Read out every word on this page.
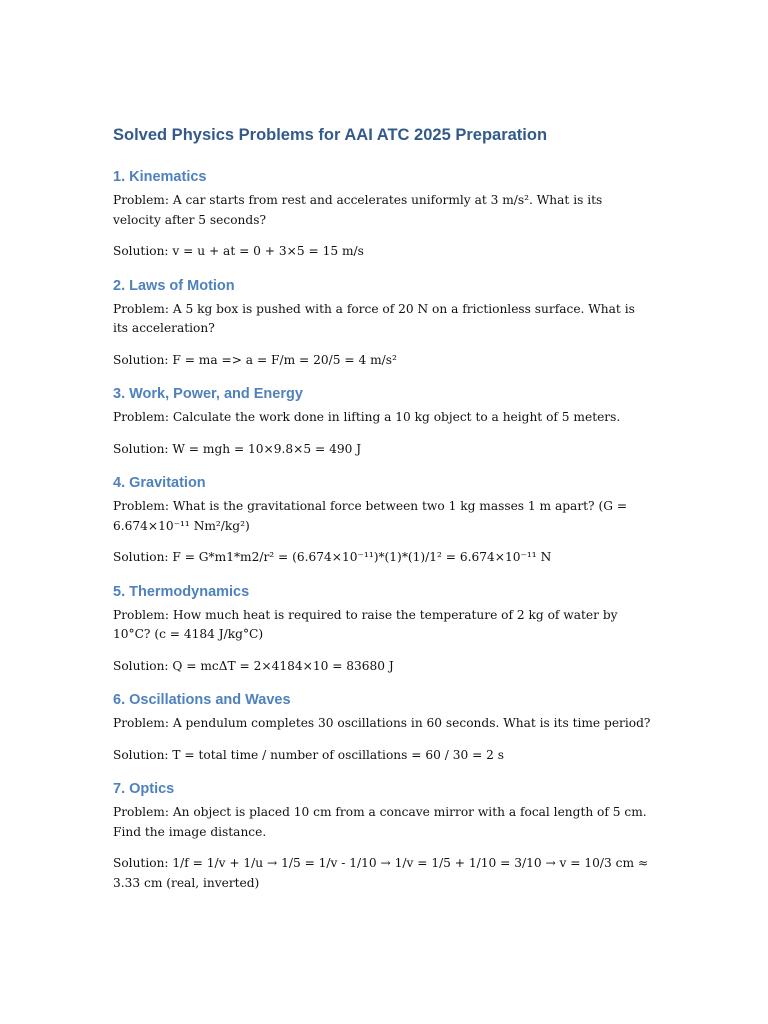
Solved Physics Problems for AAI ATC 2025 Preparation
1. Kinematics

Problem: A car starts from rest and accelerates uniformly at 3 m/s². What is its velocity after 5 seconds?

Solution: v = u + at = 0 + 3×5 = 15 m/s

2. Laws of Motion

Problem: A 5 kg box is pushed with a force of 20 N on a frictionless surface. What is its acceleration?

Solution: F = ma => a = F/m = 20/5 = 4 m/s²

3. Work, Power, and Energy

Problem: Calculate the work done in lifting a 10 kg object to a height of 5 meters.

Solution: W = mgh = 10×9.8×5 = 490 J

4. Gravitation

Problem: What is the gravitational force between two 1 kg masses 1 m apart? (G = 6.674×10⁻¹¹ Nm²/kg²)

Solution: F = G*m1*m2/r² = (6.674×10⁻¹¹)*(1)*(1)/1² = 6.674×10⁻¹¹ N

5. Thermodynamics

Problem: How much heat is required to raise the temperature of 2 kg of water by 10°C? (c = 4184 J/kg°C)

Solution: Q = mcΔT = 2×4184×10 = 83680 J

6. Oscillations and Waves

Problem: A pendulum completes 30 oscillations in 60 seconds. What is its time period?

Solution: T = total time / number of oscillations = 60 / 30 = 2 s

7. Optics

Problem: An object is placed 10 cm from a concave mirror with a focal length of 5 cm. Find the image distance.

Solution: 1/f = 1/v + 1/u → 1/5 = 1/v - 1/10 → 1/v = 1/5 + 1/10 = 3/10 → v = 10/3 cm ≈ 3.33 cm (real, inverted)
